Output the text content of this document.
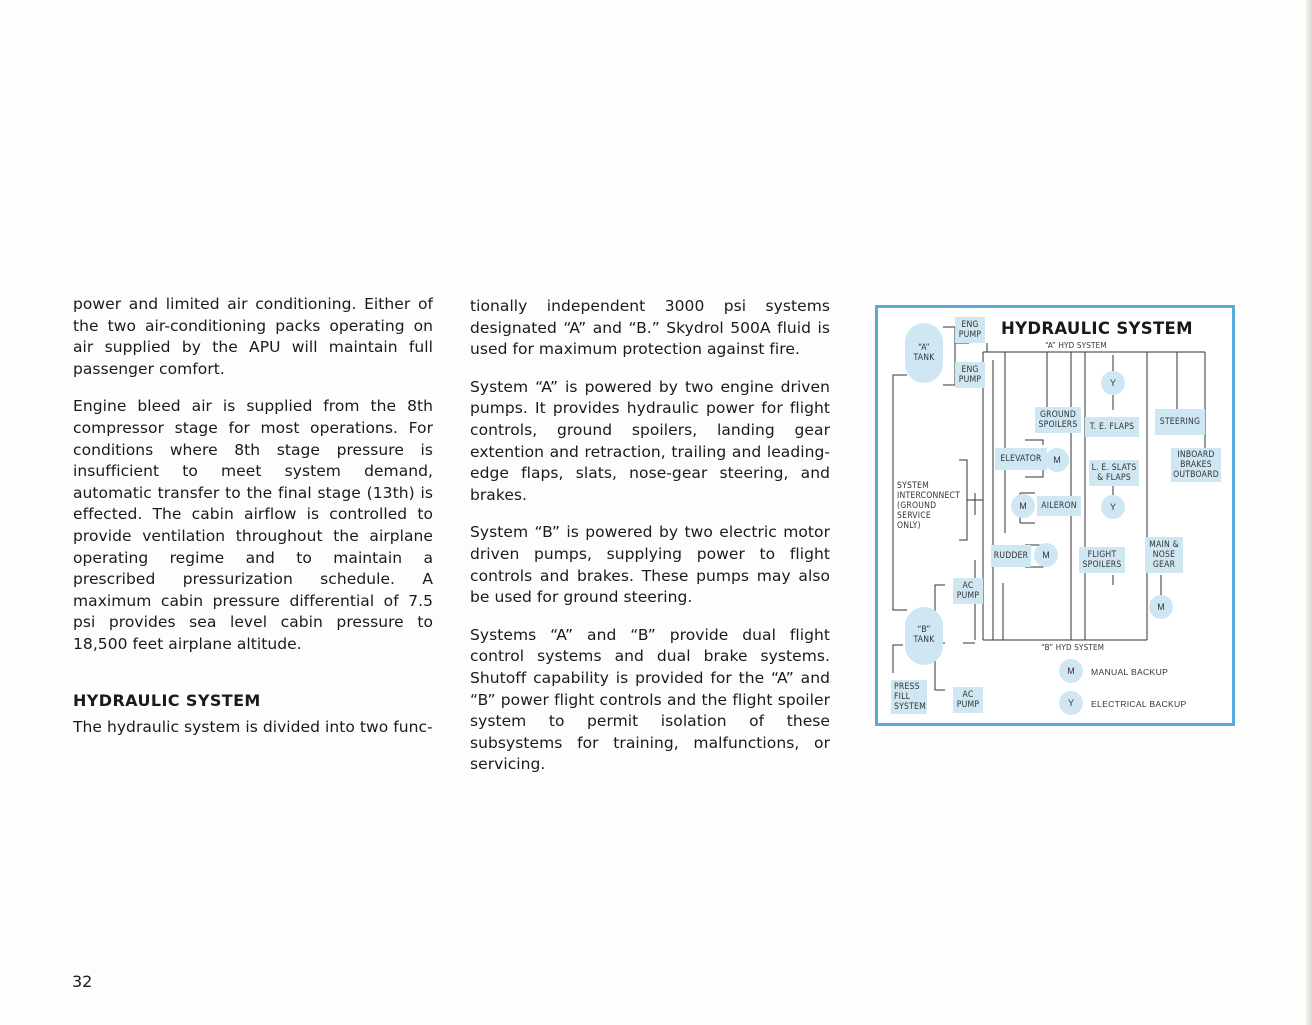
power and limited air conditioning. Either of the two air-conditioning packs operating on air supplied by the APU will maintain full passenger comfort.

Engine bleed air is supplied from the 8th compressor stage for most operations. For conditions where 8th stage pressure is insufficient to meet system demand, automatic transfer to the final stage (13th) is effected. The cabin airflow is controlled to provide ventilation throughout the airplane operating regime and to maintain a prescribed pressurization schedule. A maximum cabin pressure differential of 7.5 psi provides sea level cabin pressure to 18,500 feet airplane altitude.

HYDRAULIC SYSTEM

The hydraulic system is divided into two func-

tionally independent 3000 psi systems designated “A” and “B.” Skydrol 500A fluid is used for maximum protection against fire.

System “A” is powered by two engine driven pumps. It provides hydraulic power for flight controls, ground spoilers, landing gear extention and retraction, trailing and leading-edge flaps, slats, nose-gear steering, and brakes.

System “B” is powered by two electric motor driven pumps, supplying power to flight controls and brakes. These pumps may also be used for ground steering.

Systems “A” and “B” provide dual flight control systems and dual brake systems. Shutoff capability is provided for the “A” and “B” power flight controls and the flight spoiler system to permit isolation of these subsystems for training, malfunctions, or servicing.

32
HYDRAULIC SYSTEM
“A” HYD SYSTEM
“B” HYD SYSTEM
“A”
TANK
“B”
TANK
ENG
PUMP
ENG
PUMP
AC
PUMP
AC
PUMP
PRESS
FILL
SYSTEM
SYSTEM
INTERCONNECT
(GROUND
SERVICE
ONLY)
GROUND
SPOILERS	T. E. FLAPS	STEERING
INBOARD
BRAKES
OUTBOARD
ELEVATOR
L. E. SLATS
& FLAPS
AILERON
RUDDER	FLIGHT
SPOILERS
MAIN &
NOSE
GEAR
M
M
M
M
Y
Y
M	MANUAL BACKUP
Y	ELECTRICAL BACKUP
